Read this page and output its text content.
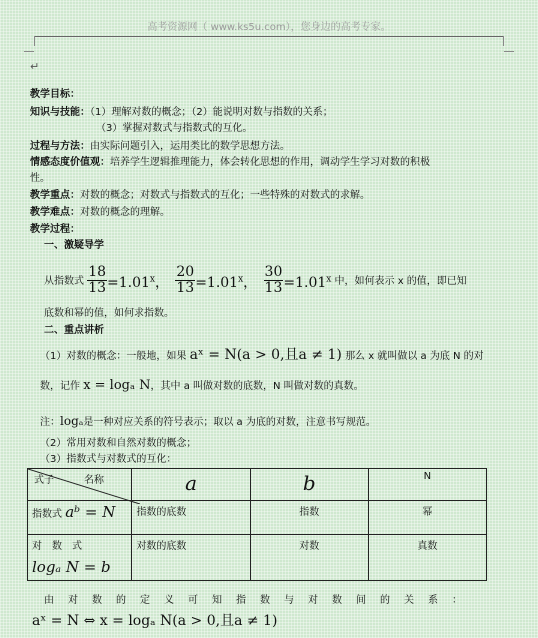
高考资源网（ www.ks5u.com），您身边的高考专家。
↵
教学目标：
知识与技能：（1）理解对数的概念；（2）能说明对数与指数的关系；
（3）掌握对数式与指数式的互化。
过程与方法：由实际问题引入，运用类比的数学思想方法。
情感态度价值观：培养学生逻辑推理能力，体会转化思想的作用，调动学生学习对数的积极
性。
教学重点：对数的概念；对数式与指数式的互化；一些特殊的对数式的求解。
教学难点：对数的概念的理解。
教学过程：
一、激疑导学
从指数式 $\frac{18}{13} =1.01^x$， $\frac{20}{13} =1.01^x$， $\frac{30}{13} =1.01^x$ 中，如何表示 x 的值，即已知
底数和幂的值，如何求指数。
二、重点讲析
（1）对数的概念：一般地，如果 aˣ = N(a > 0,且a ≠ 1) 那么 x 就叫做以 a 为底 N 的对
数，记作 x = logₐ N，其中 a 叫做对数的底数，N 叫做对数的真数。
注：logₐ是一种对应关系的符号表示；取以 a 为底的对数，注意书写规范。
（2）常用对数和自然对数的概念；
（3）指数式与对数式的互化：
式子 名称	a	b	N
指数式 aᵇ = N	指数的底数	指数	幂

对　数　式
logₐ N = b	对数的底数	对数	真数
由对数的定义可知指数与对数间的关系：
aˣ = N ⇔ x = logₐ N(a > 0,且a ≠ 1)
